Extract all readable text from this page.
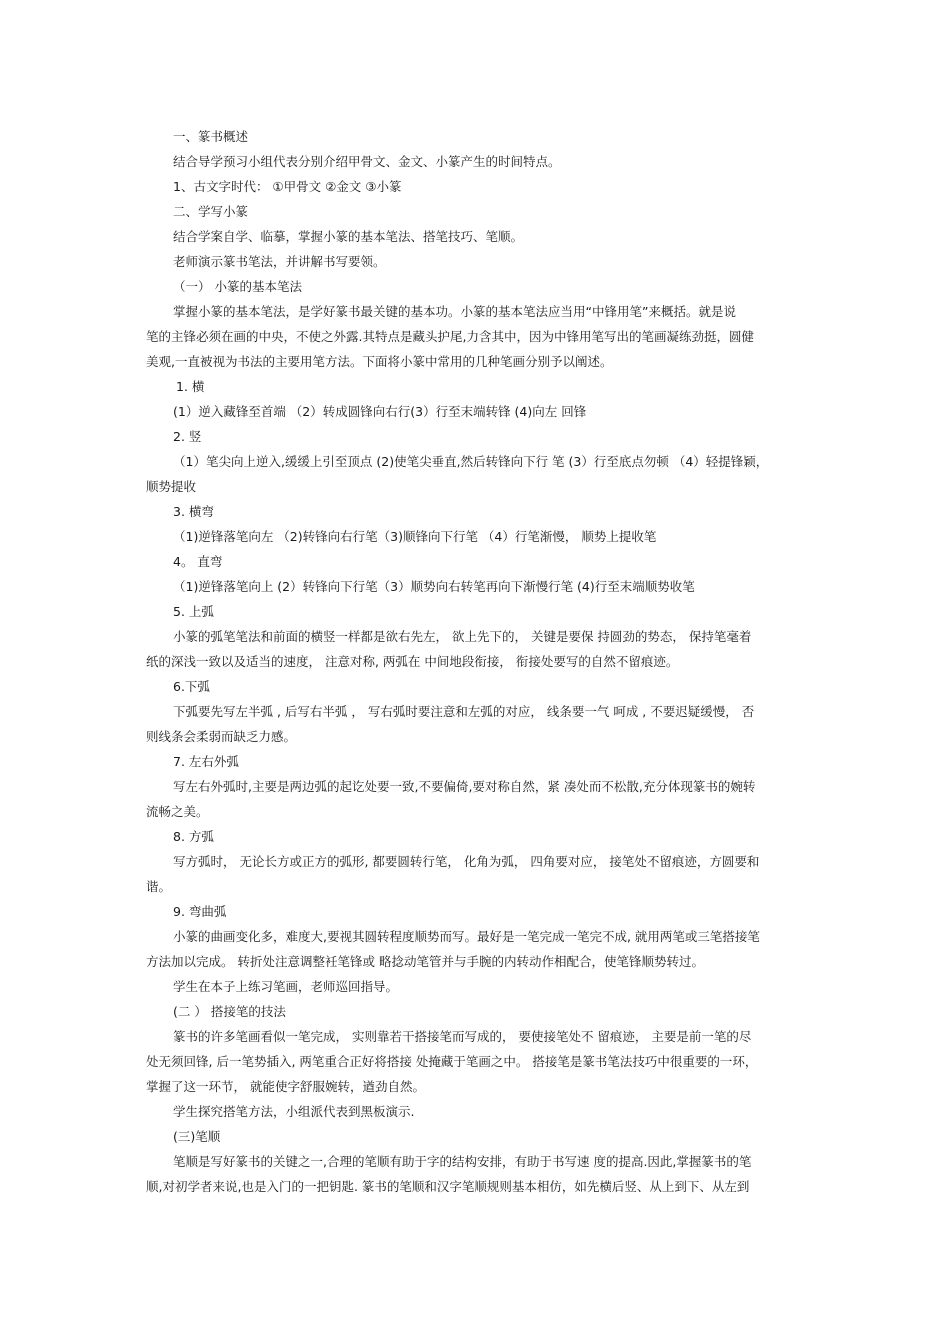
一、篆书概述
结合导学预习小组代表分别介绍甲骨文、金文、小篆产生的时间特点。
1、古文字时代： ①甲骨文 ②金文 ③小篆
二、学写小篆
结合学案自学、临摹，掌握小篆的基本笔法、搭笔技巧、笔顺。
老师演示篆书笔法，并讲解书写要领。
（一） 小篆的基本笔法
掌握小篆的基本笔法，是学好篆书最关键的基本功。小篆的基本笔法应当用“中锋用笔”来概括。就是说
笔的主锋必须在画的中央，不使之外露.其特点是藏头护尾,力含其中，因为中锋用笔写出的笔画凝练劲挺，圆健
美观,一直被视为书法的主要用笔方法。下面将小篆中常用的几种笔画分别予以阐述。
1. 横
(1）逆入藏锋至首端 （2）转成圆锋向右行(3）行至末端转锋 (4)向左 回锋
2. 竖
（1）笔尖向上逆入,缓缓上引至顶点 (2)使笔尖垂直,然后转锋向下行 笔 (3）行至底点勿顿 （4）轻提锋颖，
顺势提收
3. 横弯
（1)逆锋落笔向左 （2)转锋向右行笔（3)顺锋向下行笔 （4）行笔渐慢， 顺势上提收笔
4。 直弯
（1)逆锋落笔向上 (2）转锋向下行笔（3）顺势向右转笔再向下渐慢行笔 (4)行至末端顺势收笔
5. 上弧
小篆的弧笔笔法和前面的横竖一样都是欲右先左， 欲上先下的， 关键是要保 持圆劲的势态， 保持笔毫着
纸的深浅一致以及适当的速度， 注意对称, 两弧在 中间地段衔接， 衔接处要写的自然不留痕迹。
6.下弧
下弧要先写左半弧 , 后写右半弧 ， 写右弧时要注意和左弧的对应， 线条要一气 呵成 , 不要迟疑缓慢， 否
则线条会柔弱而缺乏力感。
7. 左右外弧
写左右外弧时,主要是两边弧的起讫处要一致,不要偏倚,要对称自然，紧 凑处而不松散,充分体现篆书的婉转
流畅之美。
8. 方弧
写方弧时， 无论长方或正方的弧形, 都要圆转行笔， 化角为弧， 四角要对应， 接笔处不留痕迹，方圆要和
谐。
9. 弯曲弧
小篆的曲画变化多，难度大,要视其圆转程度顺势而写。最好是一笔完成一笔完不成, 就用两笔或三笔搭接笔
方法加以完成。 转折处注意调整衽笔锋或 略捻动笔管并与手腕的内转动作相配合，使笔锋顺势转过。
学生在本子上练习笔画，老师巡回指导。
(二 ） 搭接笔的技法
篆书的许多笔画看似一笔完成， 实则靠若干搭接笔而写成的， 要使接笔处不 留痕迹， 主要是前一笔的尽
处无须回锋, 后一笔势插入, 两笔重合正好将搭接 处掩藏于笔画之中。 搭接笔是篆书笔法技巧中很重要的一环，
掌握了这一环节， 就能使字舒服婉转，遒劲自然。
学生探究搭笔方法，小组派代表到黑板演示.
(三)笔顺
笔顺是写好篆书的关键之一,合理的笔顺有助于字的结构安排，有助于书写速 度的提高.因此,掌握篆书的笔
顺,对初学者来说,也是入门的一把钥匙. 篆书的笔顺和汉字笔顺规则基本相仿，如先横后竖、从上到下、从左到
